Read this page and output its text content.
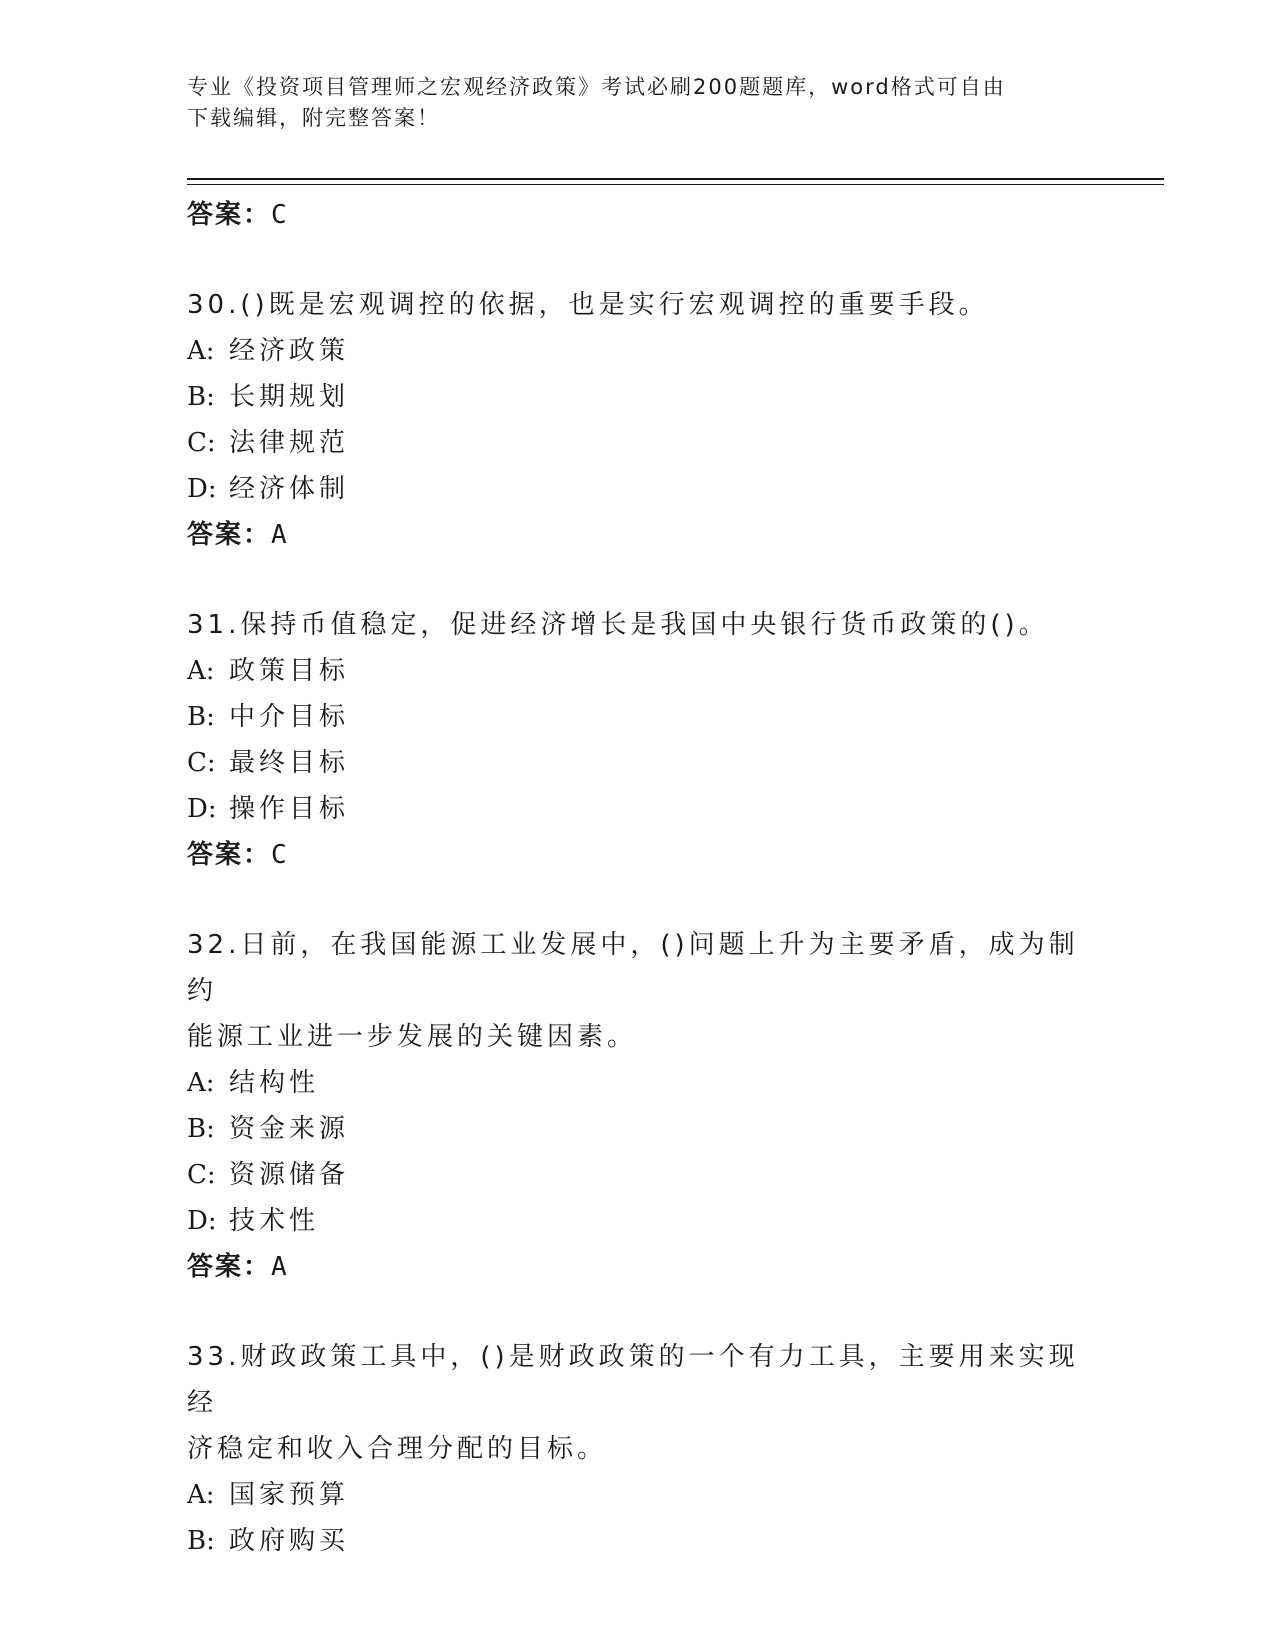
专业《投资项目管理师之宏观经济政策》考试必刷200题题库，word格式可自由
下载编辑，附完整答案！
答案：C
30.()既是宏观调控的依据，也是实行宏观调控的重要手段。
A: 经济政策
B: 长期规划
C: 法律规范
D: 经济体制
答案：A
31.保持币值稳定，促进经济增长是我国中央银行货币政策的()。
A: 政策目标
B: 中介目标
C: 最终目标
D: 操作目标
答案：C
32.日前，在我国能源工业发展中，()问题上升为主要矛盾，成为制约
能源工业进一步发展的关键因素。
A: 结构性
B: 资金来源
C: 资源储备
D: 技术性
答案：A
33.财政政策工具中，()是财政政策的一个有力工具，主要用来实现经
济稳定和收入合理分配的目标。
A: 国家预算
B: 政府购买
